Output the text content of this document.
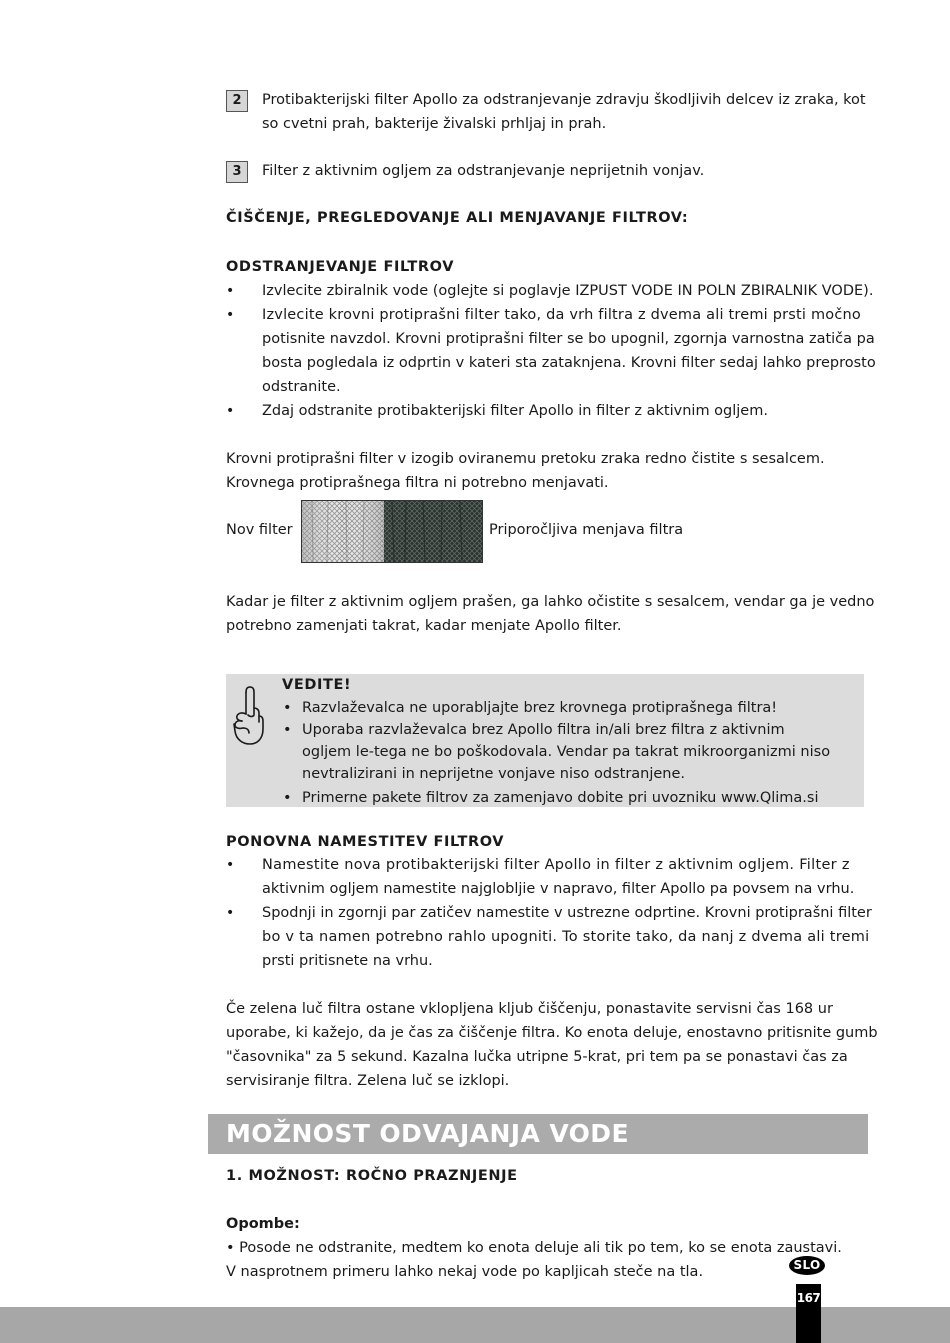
2	Protibakterijski filter Apollo za odstranjevanje zdravju škodljivih delcev iz zraka, kot
so cvetni prah, bakterije živalski prhljaj in prah.
3	Filter z aktivnim ogljem za odstranjevanje neprijetnih vonjav.
ČIŠČENJE, PREGLEDOVANJE ALI MENJAVANJE FILTROV:
ODSTRANJEVANJE FILTROV
• Izvlecite zbiralnik vode (oglejte si poglavje IZPUST VODE IN POLN ZBIRALNIK VODE).
• Izvlecite krovni protiprašni filter tako, da vrh filtra z dvema ali tremi prsti močno
potisnite navzdol. Krovni protiprašni filter se bo upognil, zgornja varnostna zatiča pa
bosta pogledala iz odprtin v kateri sta zataknjena. Krovni filter sedaj lahko preprosto
odstranite.
• Zdaj odstranite protibakterijski filter Apollo in filter z aktivnim ogljem.
Krovni protiprašni filter v izogib oviranemu pretoku zraka redno čistite s sesalcem.
Krovnega protiprašnega filtra ni potrebno menjavati.
Nov filter	Priporočljiva menjava filtra
Kadar je filter z aktivnim ogljem prašen, ga lahko očistite s sesalcem, vendar ga je vedno
potrebno zamenjati takrat, kadar menjate Apollo filter.
VEDITE!
• Razvlaževalca ne uporabljajte brez krovnega protiprašnega filtra!
• Uporaba razvlaževalca brez Apollo filtra in/ali brez filtra z aktivnim
ogljem le-tega ne bo poškodovala. Vendar pa takrat mikroorganizmi niso
nevtralizirani in neprijetne vonjave niso odstranjene.
• Primerne pakete filtrov za zamenjavo dobite pri uvozniku www.Qlima.si
PONOVNA NAMESTITEV FILTROV
• Namestite nova protibakterijski filter Apollo in filter z aktivnim ogljem. Filter z
aktivnim ogljem namestite najglobljie v napravo, filter Apollo pa povsem na vrhu.
• Spodnji in zgornji par zatičev namestite v ustrezne odprtine. Krovni protiprašni filter
bo v ta namen potrebno rahlo upogniti. To storite tako, da nanj z dvema ali tremi
prsti pritisnete na vrhu.
Če zelena luč filtra ostane vklopljena kljub čiščenju, ponastavite servisni čas 168 ur
uporabe, ki kažejo, da je čas za čiščenje filtra. Ko enota deluje, enostavno pritisnite gumb
"časovnika" za 5 sekund. Kazalna lučka utripne 5-krat, pri tem pa se ponastavi čas za
servisiranje filtra. Zelena luč se izklopi.
MOŽNOST ODVAJANJA VODE
1. MOŽNOST: ROČNO PRAZNJENJE
Opombe:
• Posode ne odstranite, medtem ko enota deluje ali tik po tem, ko se enota zaustavi.
V nasprotnem primeru lahko nekaj vode po kapljicah steče na tla.
167
SLO
